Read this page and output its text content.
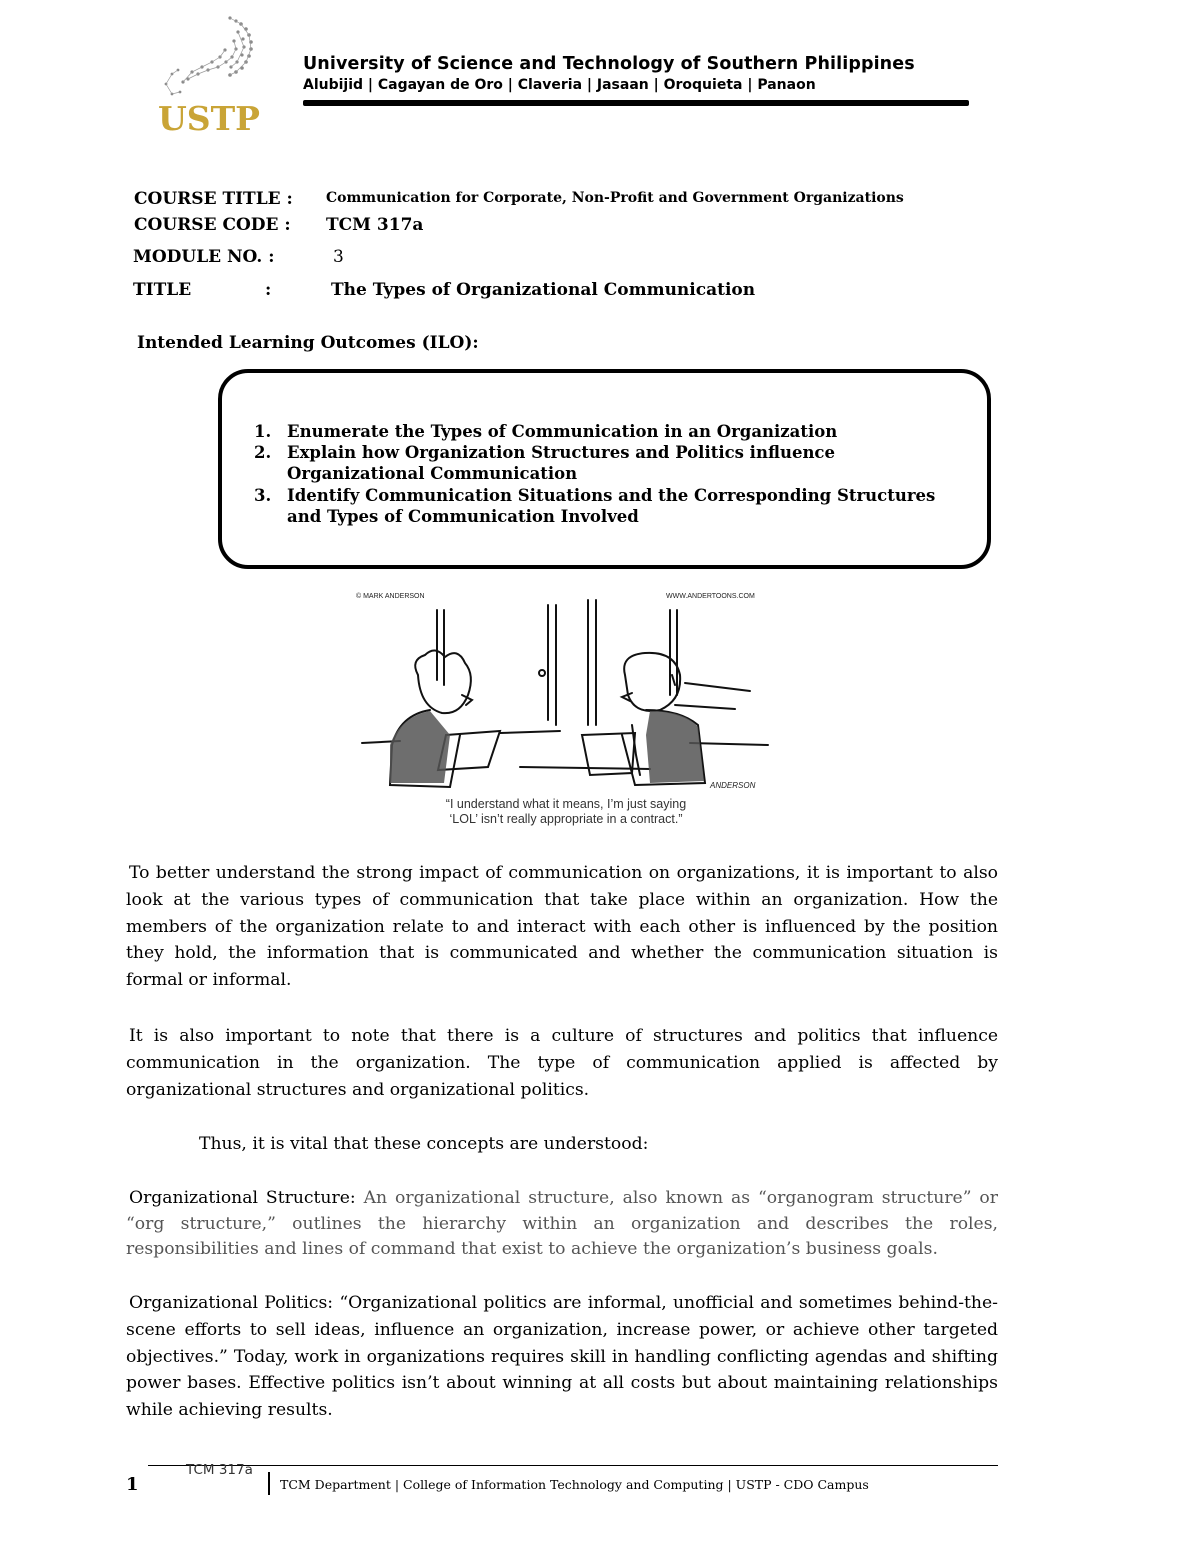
USTP
University of Science and Technology of Southern Philippines
Alubijid | Cagayan de Oro | Claveria | Jasaan | Oroquieta | Panaon
COURSE TITLE : Communication for Corporate, Non-Profit and Government Organizations
COURSE CODE : TCM 317a
MODULE NO. :	3
TITLE	:	The Types of Organizational Communication
Intended Learning Outcomes (ILO):
1. Enumerate the Types of Communication in an Organization
2. Explain how Organization Structures and Politics influence Organizational Communication
3. Identify Communication Situations and the Corresponding Structures and Types of Communication Involved
© MARK ANDERSON	WWW.ANDERTOONS.COM
ANDERSON
“I understand what it means, I’m just saying
‘LOL’ isn’t really appropriate in a contract.”

To better understand the strong impact of communication on organizations, it is important to also look at the various types of communication that take place within an organization. How the members of the organization relate to and interact with each other is influenced by the position they hold, the information that is communicated and whether the communication situation is formal or informal.

It is also important to note that there is a culture of structures and politics that influence communication in the organization. The type of communication applied is affected by organizational structures and organizational politics.

Thus, it is vital that these concepts are understood:

Organizational Structure: An organizational structure, also known as “organogram structure” or “org structure,” outlines the hierarchy within an organization and describes the roles, responsibilities and lines of command that exist to achieve the organization’s business goals.

Organizational Politics: “Organizational politics are informal, unofficial and sometimes behind-the-scene efforts to sell ideas, influence an organization, increase power, or achieve other targeted objectives.” Today, work in organizations requires skill in handling conflicting agendas and shifting power bases. Effective politics isn’t about winning at all costs but about maintaining relationships while achieving results.

1
TCM 317a
TCM Department | College of Information Technology and Computing | USTP - CDO Campus
